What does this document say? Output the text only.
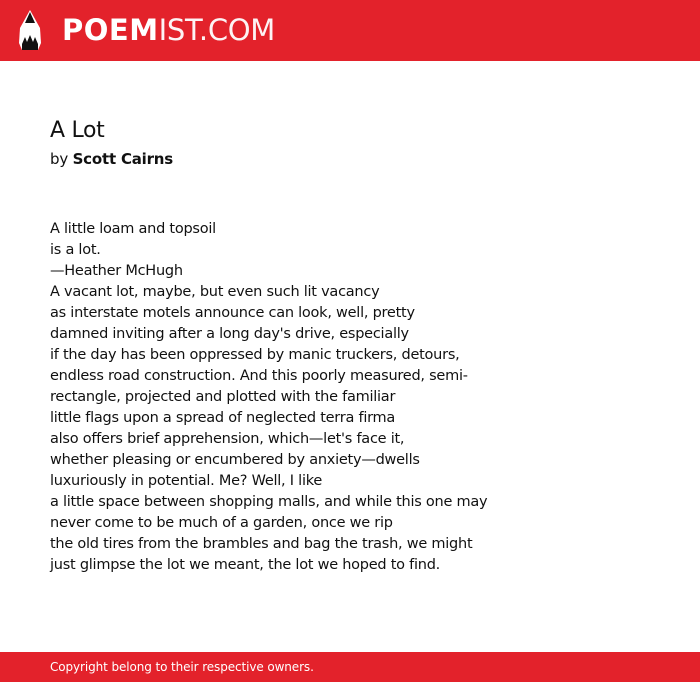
POEMIST.COM
A Lot
by Scott Cairns
A little loam and topsoil
is a lot.
—Heather McHugh
A vacant lot, maybe, but even such lit vacancy
as interstate motels announce can look, well, pretty
damned inviting after a long day's drive, especially
if the day has been oppressed by manic truckers, detours,
endless road construction. And this poorly measured, semi-
rectangle, projected and plotted with the familiar
little flags upon a spread of neglected terra firma
also offers brief apprehension, which—let's face it,
whether pleasing or encumbered by anxiety—dwells
luxuriously in potential. Me? Well, I like
a little space between shopping malls, and while this one may
never come to be much of a garden, once we rip
the old tires from the brambles and bag the trash, we might
just glimpse the lot we meant, the lot we hoped to find.
Copyright belong to their respective owners.
